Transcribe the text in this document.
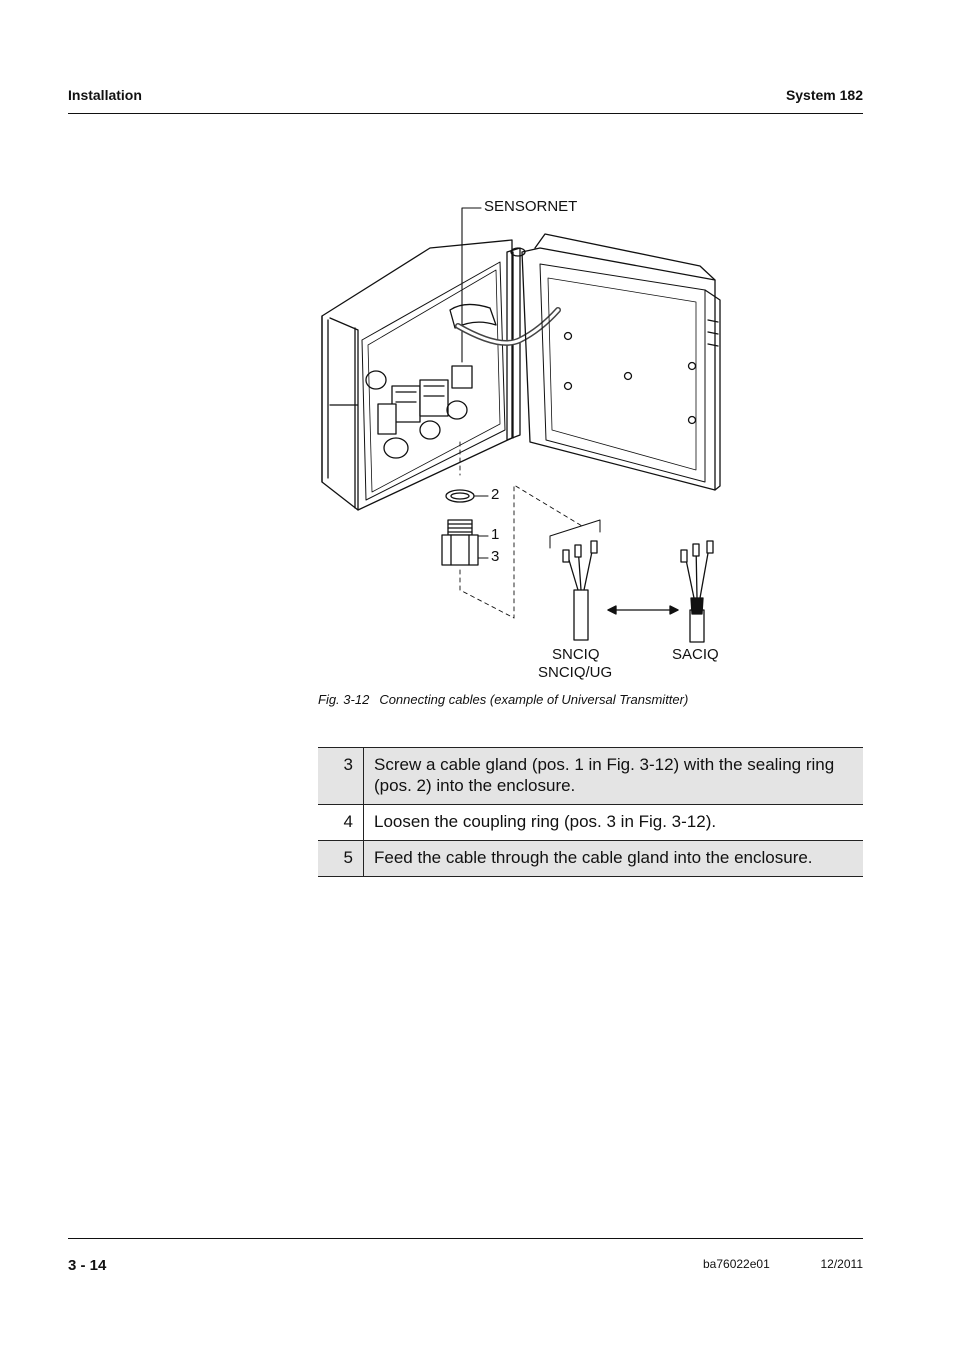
Installation	System 182
SENSORNET
2
1
3
SNCIQ
SNCIQ/UG
SACIQ
Fig. 3-12 Connecting cables (example of Universal Transmitter)
3	Screw a cable gland (pos. 1 in Fig. 3-12) with the sealing ring (pos. 2) into the enclosure.
4	Loosen the coupling ring (pos. 3 in Fig. 3-12).
5	Feed the cable through the cable gland into the enclosure.
3 - 14	ba76022e01	12/2011
